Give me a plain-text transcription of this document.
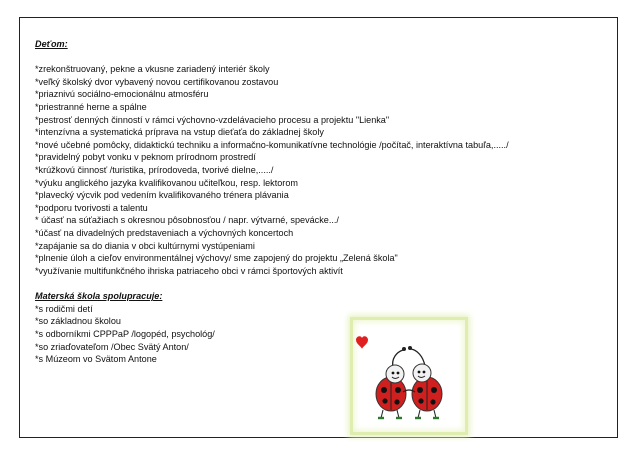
Deťom:

*zrekonštruovaný, pekne a vkusne zariadený interiér školy
*veľký školský dvor vybavený novou certifikovanou zostavou
*priaznivú sociálno-emocionálnu atmosféru
*priestranné herne a spálne
*pestrosť denných činností v rámci výchovno-vzdelávacieho procesu a projektu "Lienka"
*intenzívna a systematická príprava na vstup dieťaťa do základnej školy
*nové učebné pomôcky, didaktickú techniku a informačno-komunikatívne technológie /počítač, interaktívna tabuľa,...../
*pravidelný pobyt vonku v peknom prírodnom prostredí
*krúžkovú činnosť /turistika, prírodoveda, tvorivé dielne,...../
*výuku anglického jazyka kvalifikovanou učiteľkou, resp. lektorom
*plavecký výcvik pod vedením kvalifikovaného trénera plávania
*podporu tvorivosti a talentu
* účasť na súťažiach s okresnou pôsobnosťou / napr. výtvarné, spevácke.../
*účasť na divadelných predstaveniach a výchovných koncertoch
*zapájanie sa do diania v obci kultúrnymi vystúpeniami
*plnenie úloh a cieľov environmentálnej výchovy/ sme zapojený do projektu „Zelená škola"
*využívanie multifunkčného ihriska patriaceho obci v rámci športových aktivít

Materská škola spolupracuje:

*s rodičmi detí
*so základnou školou
*s odborníkmi CPPPaP /logopéd, psychológ/
*so zriaďovateľom /Obec Svätý Anton/
*s Múzeom vo Svätom Antone
